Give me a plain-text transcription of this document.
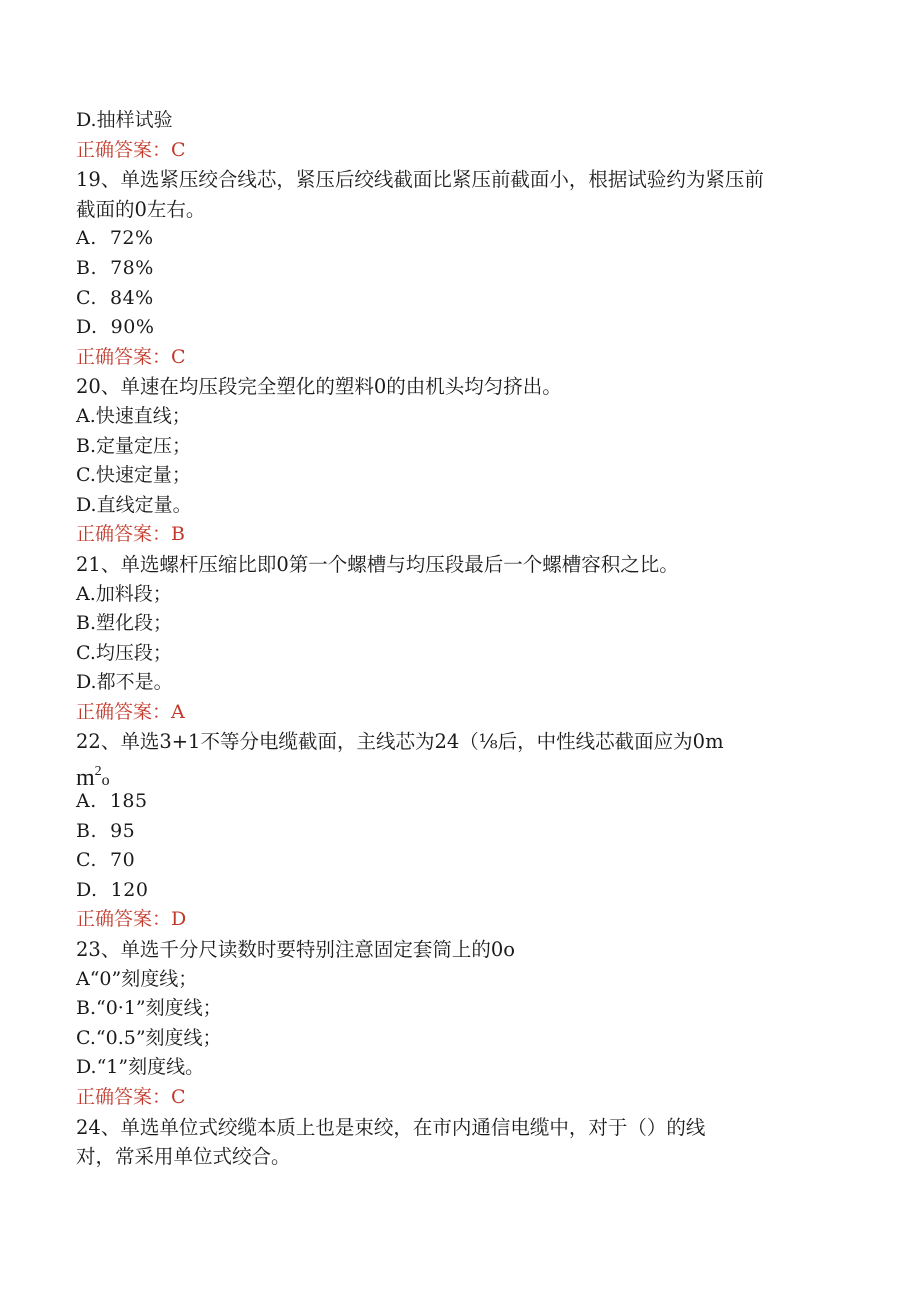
D.抽样试验
正确答案：C
19、单选紧压绞合线芯，紧压后绞线截面比紧压前截面小，根据试验约为紧压前
截面的0左右。
A.  72%
B.  78%
C.  84%
D.  90%
正确答案：C
20、单速在均压段完全塑化的塑料0的由机头均匀挤出。
A.快速直线；
B.定量定压；
C.快速定量；
D.直线定量。
正确答案：B
21、单选螺杆压缩比即0第一个螺槽与均压段最后一个螺槽容积之比。
A.加料段；
B.塑化段；
C.均压段；
D.都不是。
正确答案：A
22、单选3+1不等分电缆截面，主线芯为24（⅛后，中性线芯截面应为0m
$m^2o$
A.  185
B.  95
C.  70
D.  120
正确答案：D
23、单选千分尺读数时要特别注意固定套筒上的0o
A“0”刻度线；
B.“0·1”刻度线；
C.“0.5”刻度线；
D.“1”刻度线。
正确答案：C
24、单选单位式绞缆本质上也是束绞，在市内通信电缆中，对于（）的线
对，常采用单位式绞合。
